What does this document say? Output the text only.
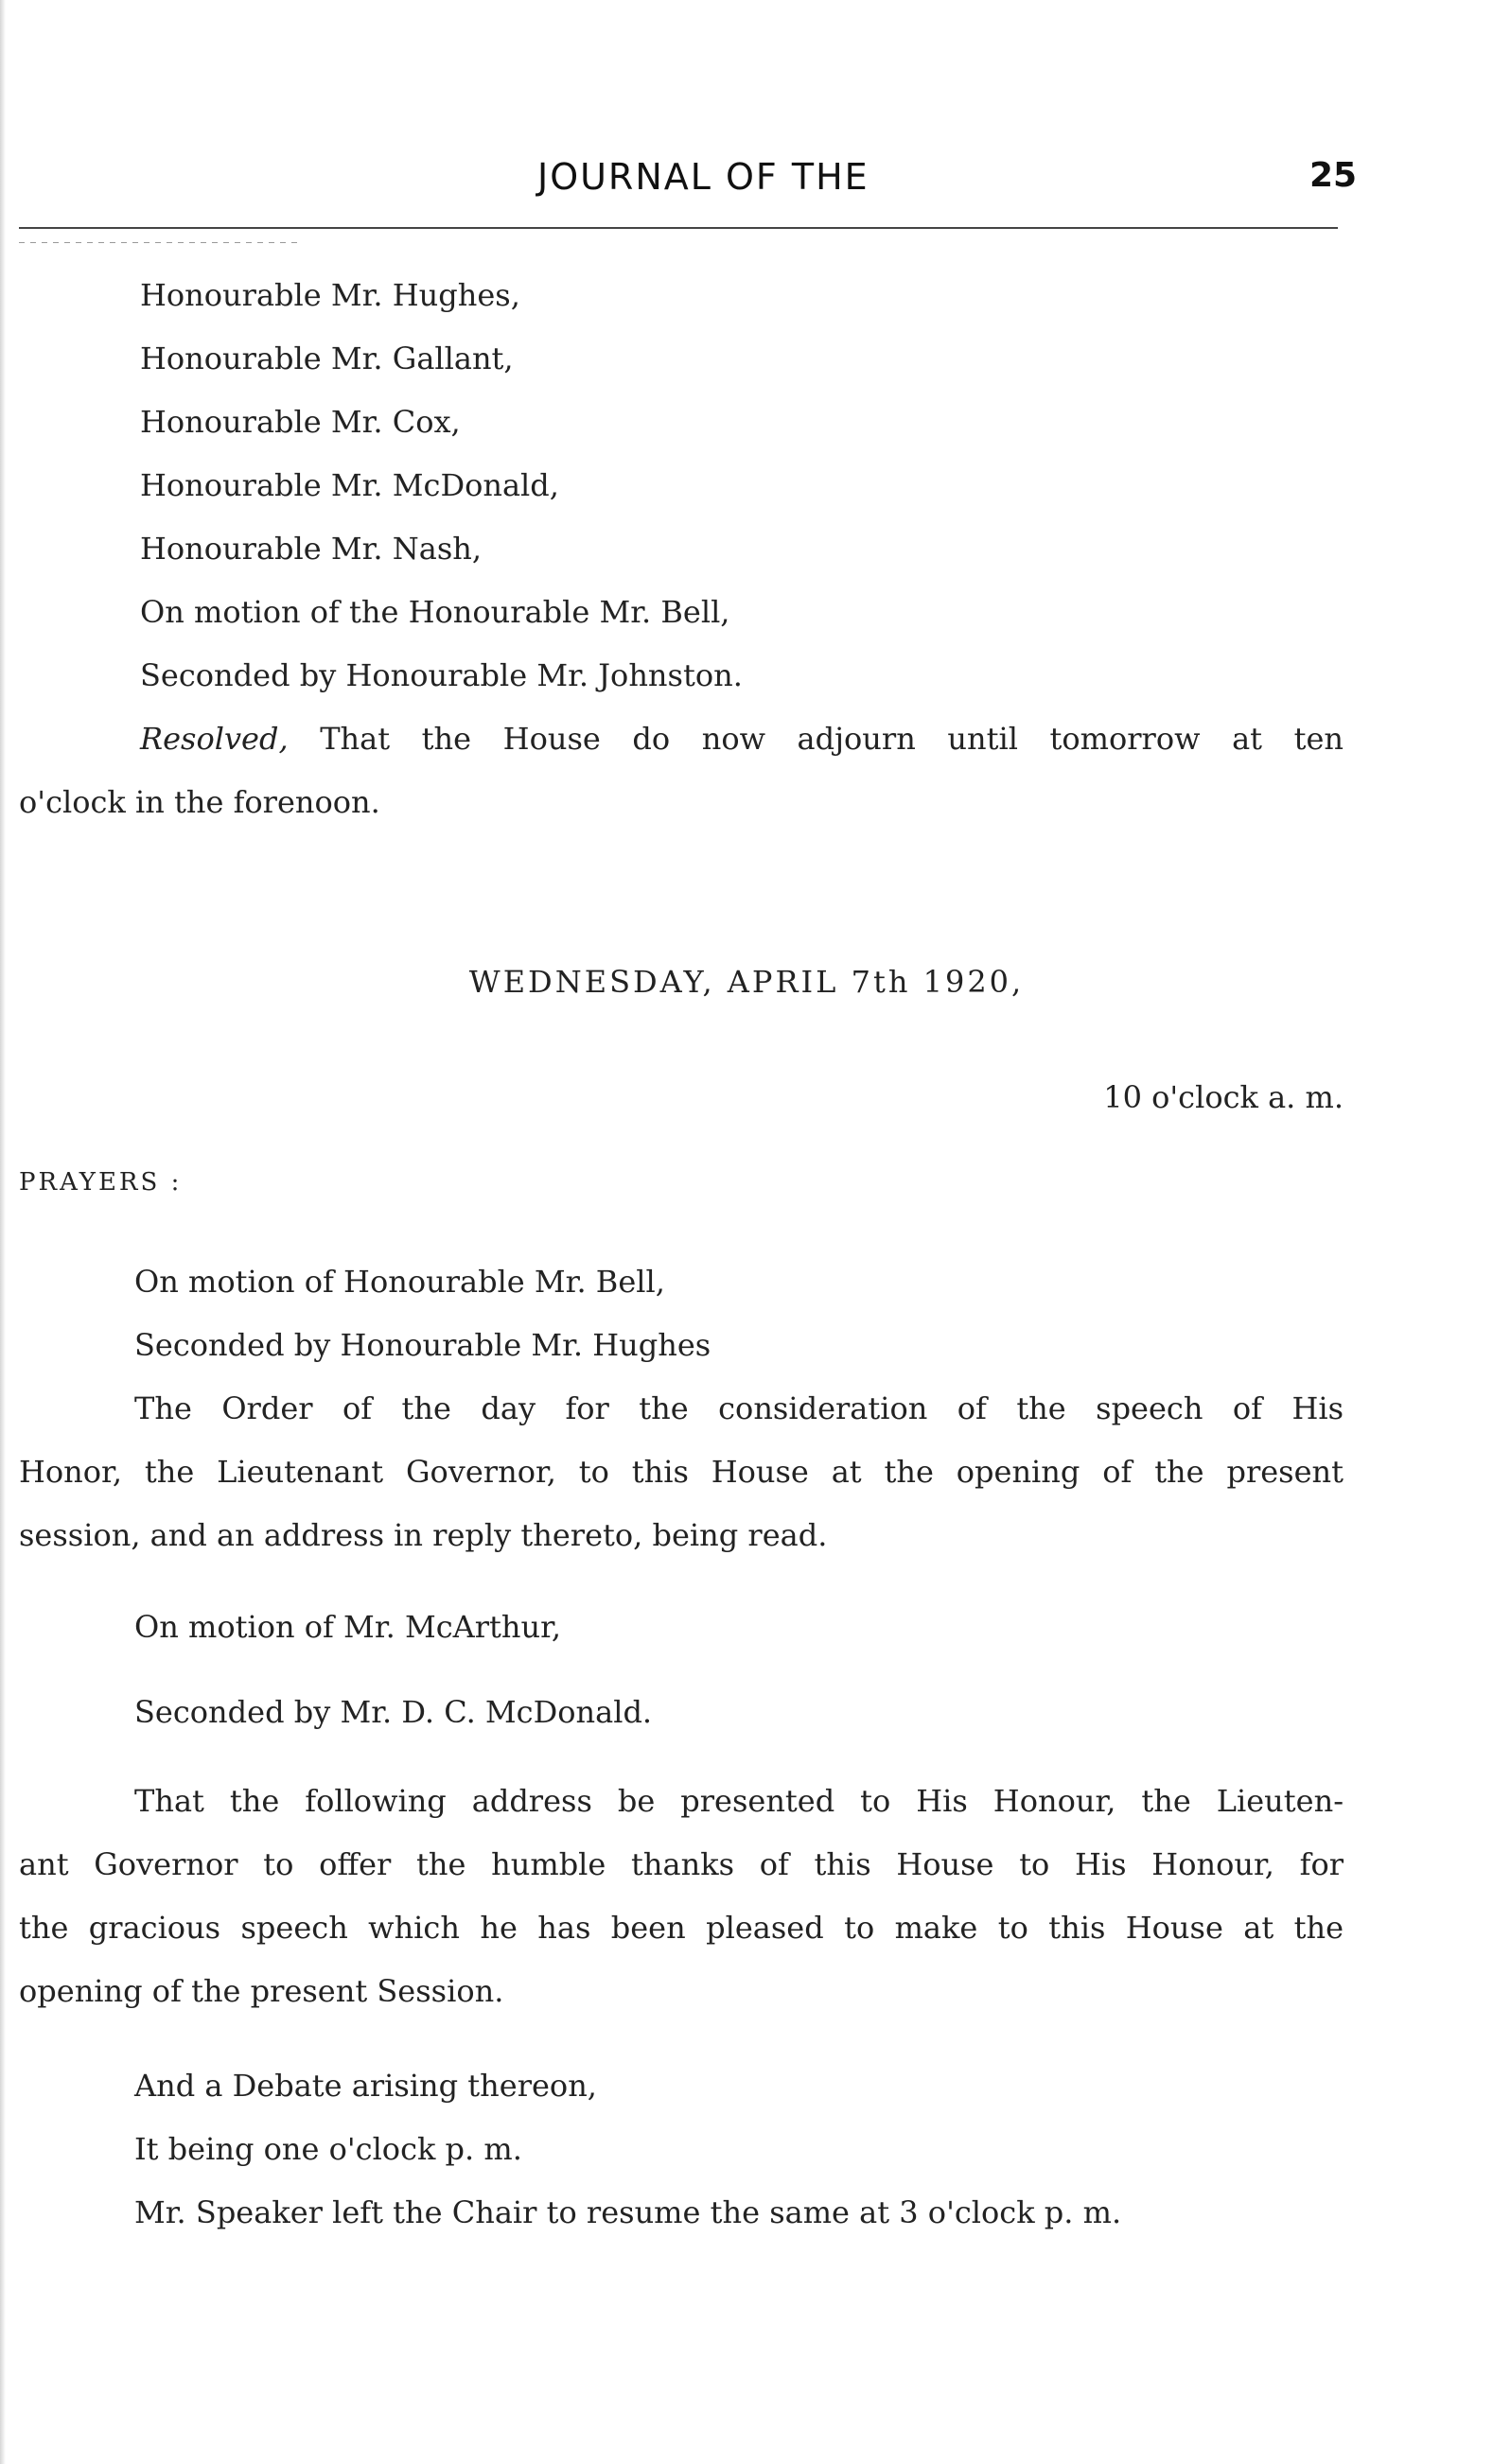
JOURNAL OF THE	25
Honourable Mr. Hughes,
Honourable Mr. Gallant,
Honourable Mr. Cox,
Honourable Mr. McDonald,
Honourable Mr. Nash,
On motion of the Honourable Mr. Bell,
Seconded by Honourable Mr. Johnston.
Resolved, That the House do now adjourn until tomorrow at ten
o'clock in the forenoon.
WEDNESDAY, APRIL 7th 1920,
10 o'clock a. m.
PRAYERS :
On motion of Honourable Mr. Bell,
Seconded by Honourable Mr. Hughes
The Order of the day for the consideration of the speech of His
Honor, the Lieutenant Governor, to this House at the opening of the present
session, and an address in reply thereto, being read.
On motion of Mr. McArthur,
Seconded by Mr. D. C. McDonald.
That the following address be presented to His Honour, the Lieuten-
ant Governor to offer the humble thanks of this House to His Honour, for
the gracious speech which he has been pleased to make to this House at the
opening of the present Session.
And a Debate arising thereon,
It being one o'clock p. m.
Mr. Speaker left the Chair to resume the same at 3 o'clock p. m.
